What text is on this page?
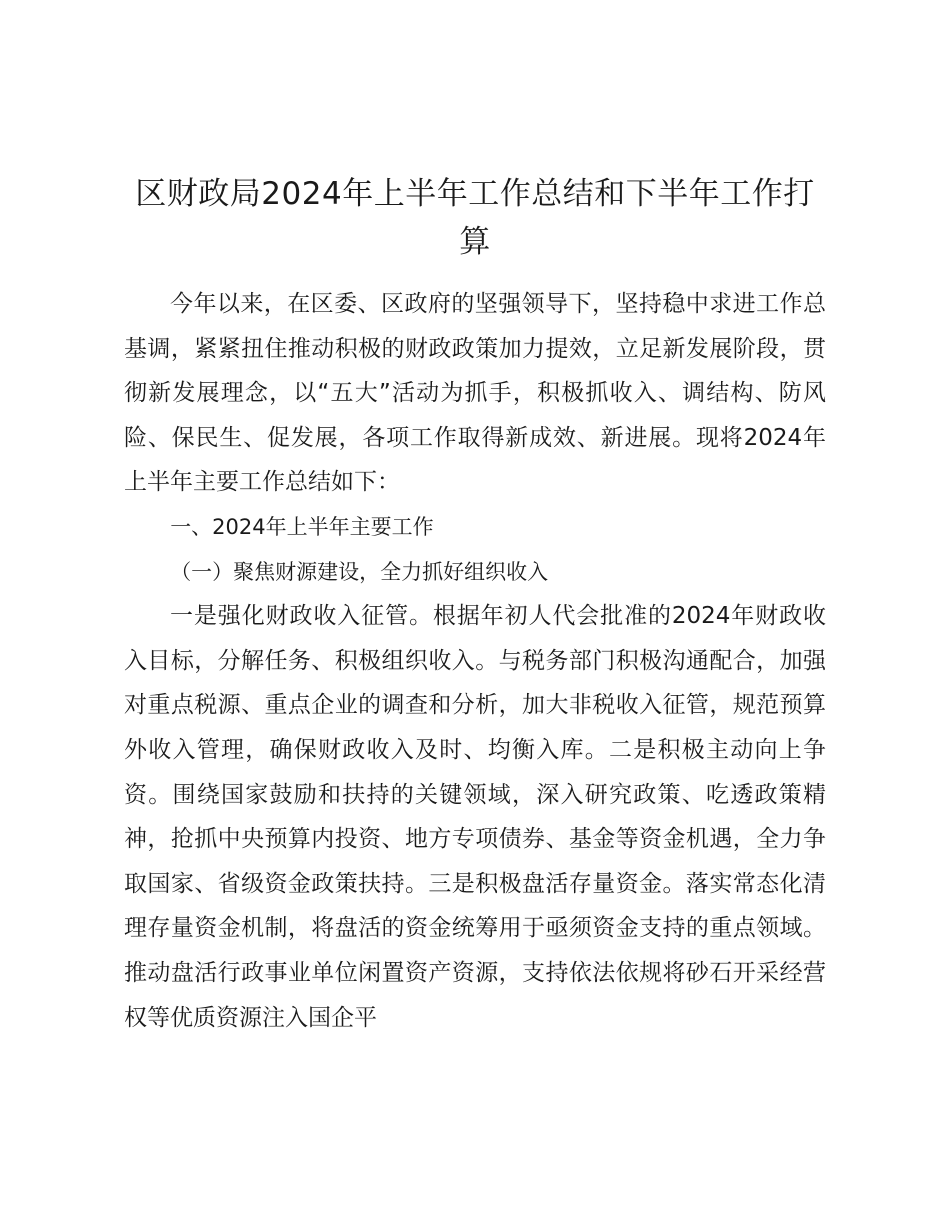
区财政局2024年上半年工作总结和下半年工作打算

今年以来，在区委、区政府的坚强领导下，坚持稳中求进工作总基调，紧紧扭住推动积极的财政政策加力提效，立足新发展阶段，贯彻新发展理念，以“五大”活动为抓手，积极抓收入、调结构、防风险、保民生、促发展，各项工作取得新成效、新进展。现将2024年上半年主要工作总结如下：

一、2024年上半年主要工作

（一）聚焦财源建设，全力抓好组织收入

一是强化财政收入征管。根据年初人代会批准的2024年财政收入目标，分解任务、积极组织收入。与税务部门积极沟通配合，加强对重点税源、重点企业的调查和分析，加大非税收入征管，规范预算外收入管理，确保财政收入及时、均衡入库。二是积极主动向上争资。围绕国家鼓励和扶持的关键领域，深入研究政策、吃透政策精神，抢抓中央预算内投资、地方专项债券、基金等资金机遇，全力争取国家、省级资金政策扶持。三是积极盘活存量资金。落实常态化清理存量资金机制，将盘活的资金统筹用于亟须资金支持的重点领域。推动盘活行政事业单位闲置资产资源，支持依法依规将砂石开采经营权等优质资源注入国企平
